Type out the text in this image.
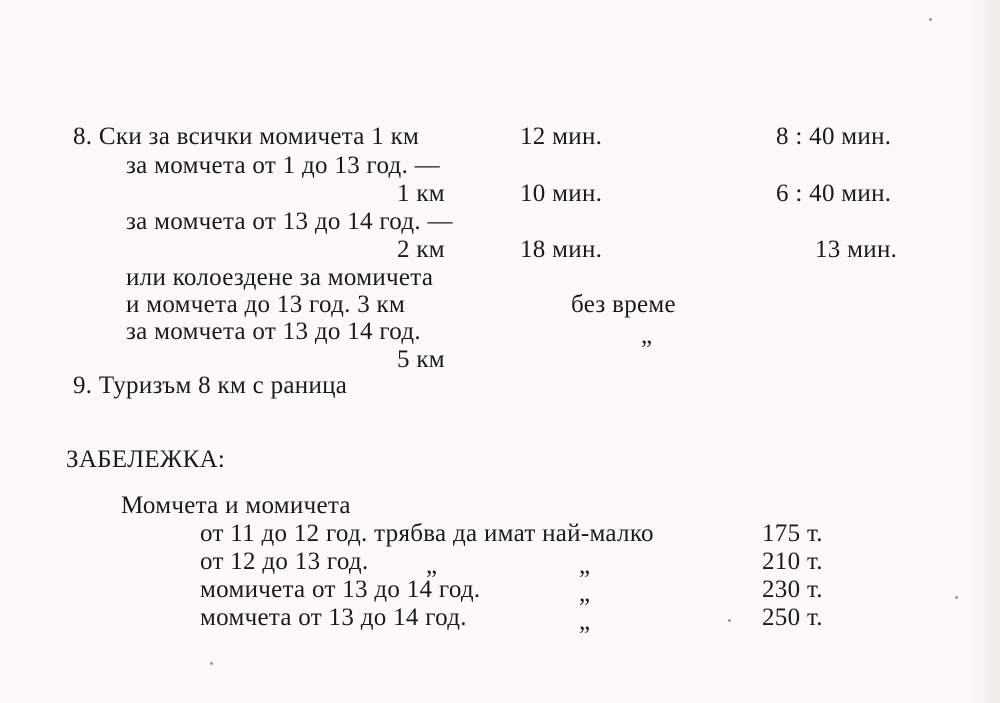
8. Ски за всички момичета 1 км	12 мин.	8 : 40 мин.
за момчета от 1 до 13 год. —
1 км	10 мин.	6 : 40 мин.
за момчета от 13 до 14 год. —
2 км	18 мин.	13 мин.
или колоездене за момичета
и момчета до 13 год. 3 км	без време
за момчета от 13 до 14 год.	„
5 км
9. Туризъм 8 км с раница
ЗАБЕЛЕЖКА:
Момчета и момичета
от 11 до 12 год. трябва да имат най-малко	175 т.
от 12 до 13 год. „	„	210 т.
момичета от 13 до 14 год.	„	230 т.
момчета от 13 до 14 год.	„	250 т.
